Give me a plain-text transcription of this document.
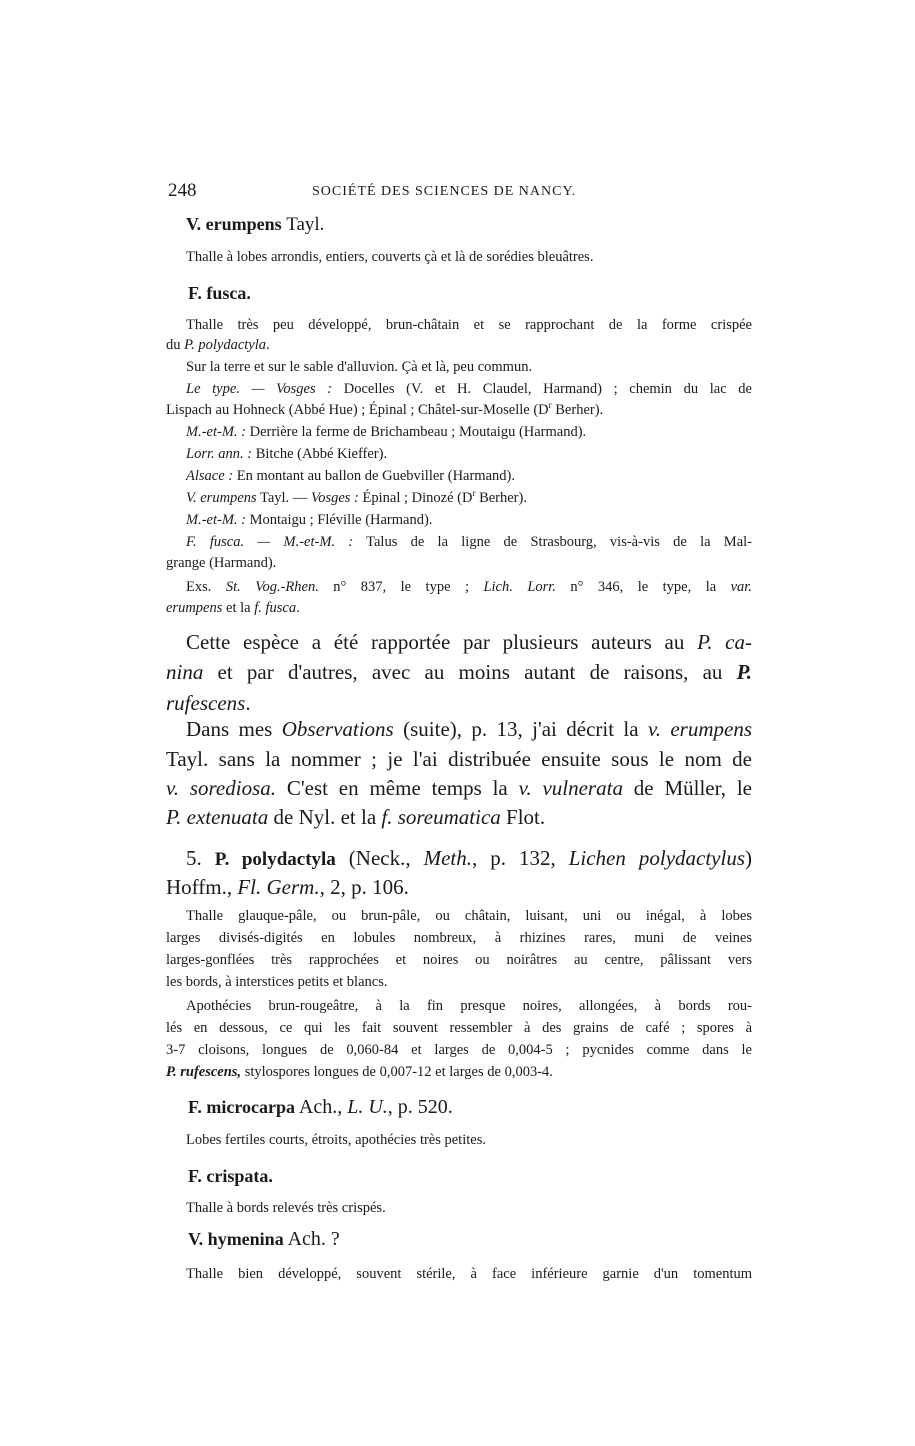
248	SOCIÉTÉ DES SCIENCES DE NANCY.
V. erumpens Tayl.
Thalle à lobes arrondis, entiers, couverts çà et là de sorédies bleuâtres.
F. fusca.
Thalle très peu développé, brun-châtain et se rapprochant de la forme crispée
du P. polydactyla.
Sur la terre et sur le sable d'alluvion. Çà et là, peu commun.
Le type. — Vosges : Docelles (V. et H. Claudel, Harmand) ; chemin du lac de
Lispach au Hohneck (Abbé Hue) ; Épinal ; Châtel-sur-Moselle ($D^r$ Berher).
M.-et-M. : Derrière la ferme de Brichambeau ; Moutaigu (Harmand).
Lorr. ann. : Bitche (Abbé Kieffer).
Alsace : En montant au ballon de Guebviller (Harmand).
V. erumpens Tayl. — Vosges : Épinal ; Dinozé ($D^r$ Berher).
M.-et-M. : Montaigu ; Fléville (Harmand).
F. fusca. — M.-et-M. : Talus de la ligne de Strasbourg, vis-à-vis de la Mal-
grange (Harmand).
Exs. St. Vog.-Rhen. n° 837, le type ; Lich. Lorr. n° 346, le type, la var.
erumpens et la f. fusca.
Cette espèce a été rapportée par plusieurs auteurs au P. ca-
nina et par d'autres, avec au moins autant de raisons, au P.
rufescens.
Dans mes Observations (suite), p. 13, j'ai décrit la v. erumpens
Tayl. sans la nommer ; je l'ai distribuée ensuite sous le nom de
v. sorediosa. C'est en même temps la v. vulnerata de Müller, le
P. extenuata de Nyl. et la f. soreumatica Flot.
5. P. polydactyla (Neck., Meth., p. 132, Lichen polydactylus)
Hoffm., Fl. Germ., 2, p. 106.
Thalle glauque-pâle, ou brun-pâle, ou châtain, luisant, uni ou inégal, à lobes
larges divisés-digités en lobules nombreux, à rhizines rares, muni de veines
larges-gonflées très rapprochées et noires ou noirâtres au centre, pâlissant vers
les bords, à interstices petits et blancs.
Apothécies brun-rougeâtre, à la fin presque noires, allongées, à bords rou-
lés en dessous, ce qui les fait souvent ressembler à des grains de café ; spores à
3-7 cloisons, longues de 0,060-84 et larges de 0,004-5 ; pycnides comme dans le
P. rufescens, stylospores longues de 0,007-12 et larges de 0,003-4.
F. microcarpa Ach., L. U., p. 520.
Lobes fertiles courts, étroits, apothécies très petites.
F. crispata.
Thalle à bords relevés très crispés.
V. hymenina Ach. ?
Thalle bien développé, souvent stérile, à face inférieure garnie d'un tomentum
